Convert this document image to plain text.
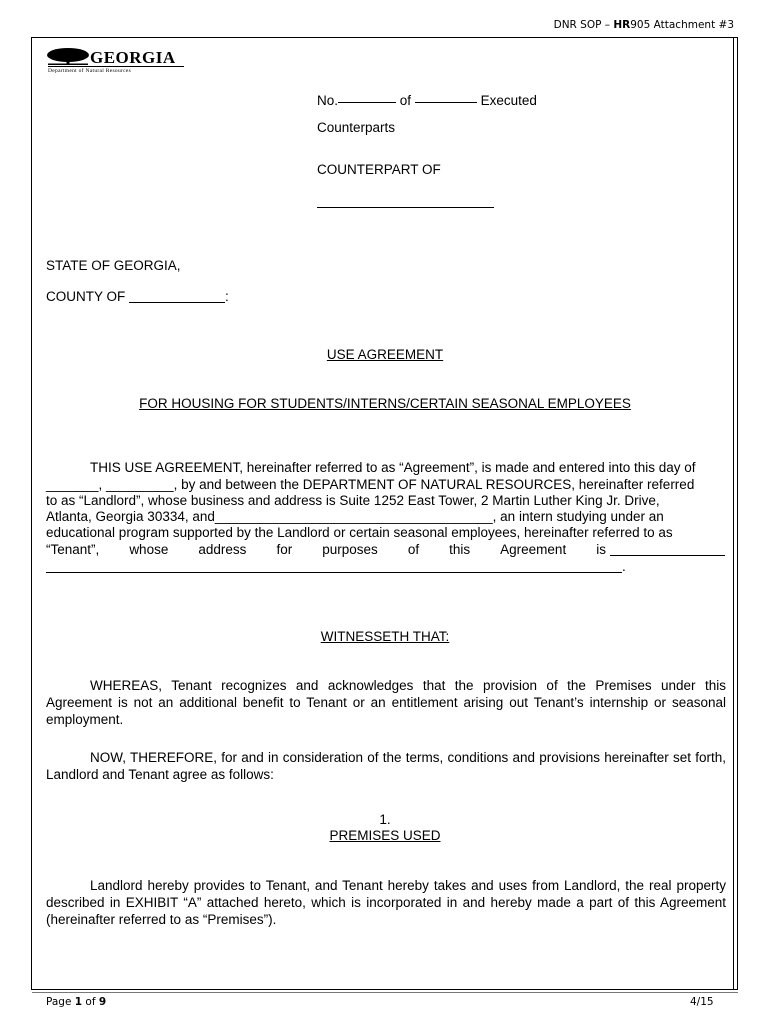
DNR SOP – HR905 Attachment #3
GEORGIA
Department of Natural Resources
No.	of	Executed
Counterparts
COUNTERPART OF
STATE OF GEORGIA,
COUNTY OF	:
USE AGREEMENT
FOR HOUSING FOR STUDENTS/INTERNS/CERTAIN SEASONAL EMPLOYEES
THIS USE AGREEMENT, hereinafter referred to as “Agreement”, is made and entered into this day of
_______, _________, by and between the DEPARTMENT OF NATURAL RESOURCES, hereinafter referred
to as “Landlord”, whose business and address is Suite 1252 East Tower, 2 Martin Luther King Jr. Drive,
Atlanta, Georgia 30334, and_____________________________________, an intern studying under an
educational program supported by the Landlord or certain seasonal employees, hereinafter referred to as
“Tenant”, whose address for purposes of this Agreement is
.
WITNESSETH THAT:
WHEREAS, Tenant recognizes and acknowledges that the provision of the Premises under this Agreement is not an additional benefit to Tenant or an entitlement arising out Tenant’s internship or seasonal employment.
NOW, THEREFORE, for and in consideration of the terms, conditions and provisions hereinafter set forth, Landlord and Tenant agree as follows:
1.
PREMISES USED
Landlord hereby provides to Tenant, and Tenant hereby takes and uses from Landlord, the real property described in EXHIBIT “A” attached hereto, which is incorporated in and hereby made a part of this Agreement (hereinafter referred to as “Premises”).
Page 1 of 9	4/15
